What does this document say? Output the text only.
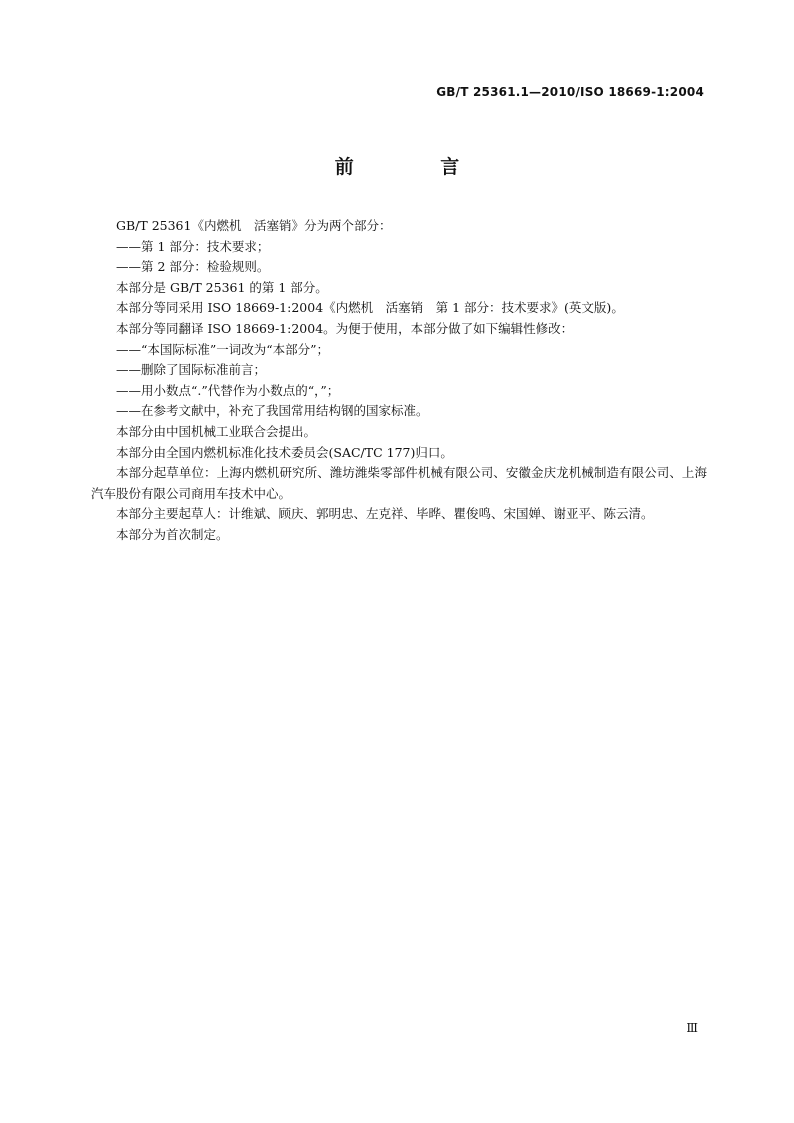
GB/T 25361.1—2010/ISO 18669-1:2004
前 言

GB/T 25361《内燃机　活塞销》分为两个部分：

——第 1 部分：技术要求；

——第 2 部分：检验规则。

本部分是 GB/T 25361 的第 1 部分。

本部分等同采用 ISO 18669-1:2004《内燃机　活塞销　第 1 部分：技术要求》(英文版)。

本部分等同翻译 ISO 18669-1:2004。为便于使用，本部分做了如下编辑性修改：

——“本国际标准”一词改为“本部分”；

——删除了国际标准前言；

——用小数点“.”代替作为小数点的“，”；

——在参考文献中，补充了我国常用结构钢的国家标准。

本部分由中国机械工业联合会提出。

本部分由全国内燃机标准化技术委员会(SAC/TC 177)归口。

本部分起草单位：上海内燃机研究所、潍坊潍柴零部件机械有限公司、安徽金庆龙机械制造有限公司、上海汽车股份有限公司商用车技术中心。

本部分主要起草人：计维斌、顾庆、郭明忠、左克祥、毕晔、瞿俊鸣、宋国婵、谢亚平、陈云清。

本部分为首次制定。

Ⅲ
